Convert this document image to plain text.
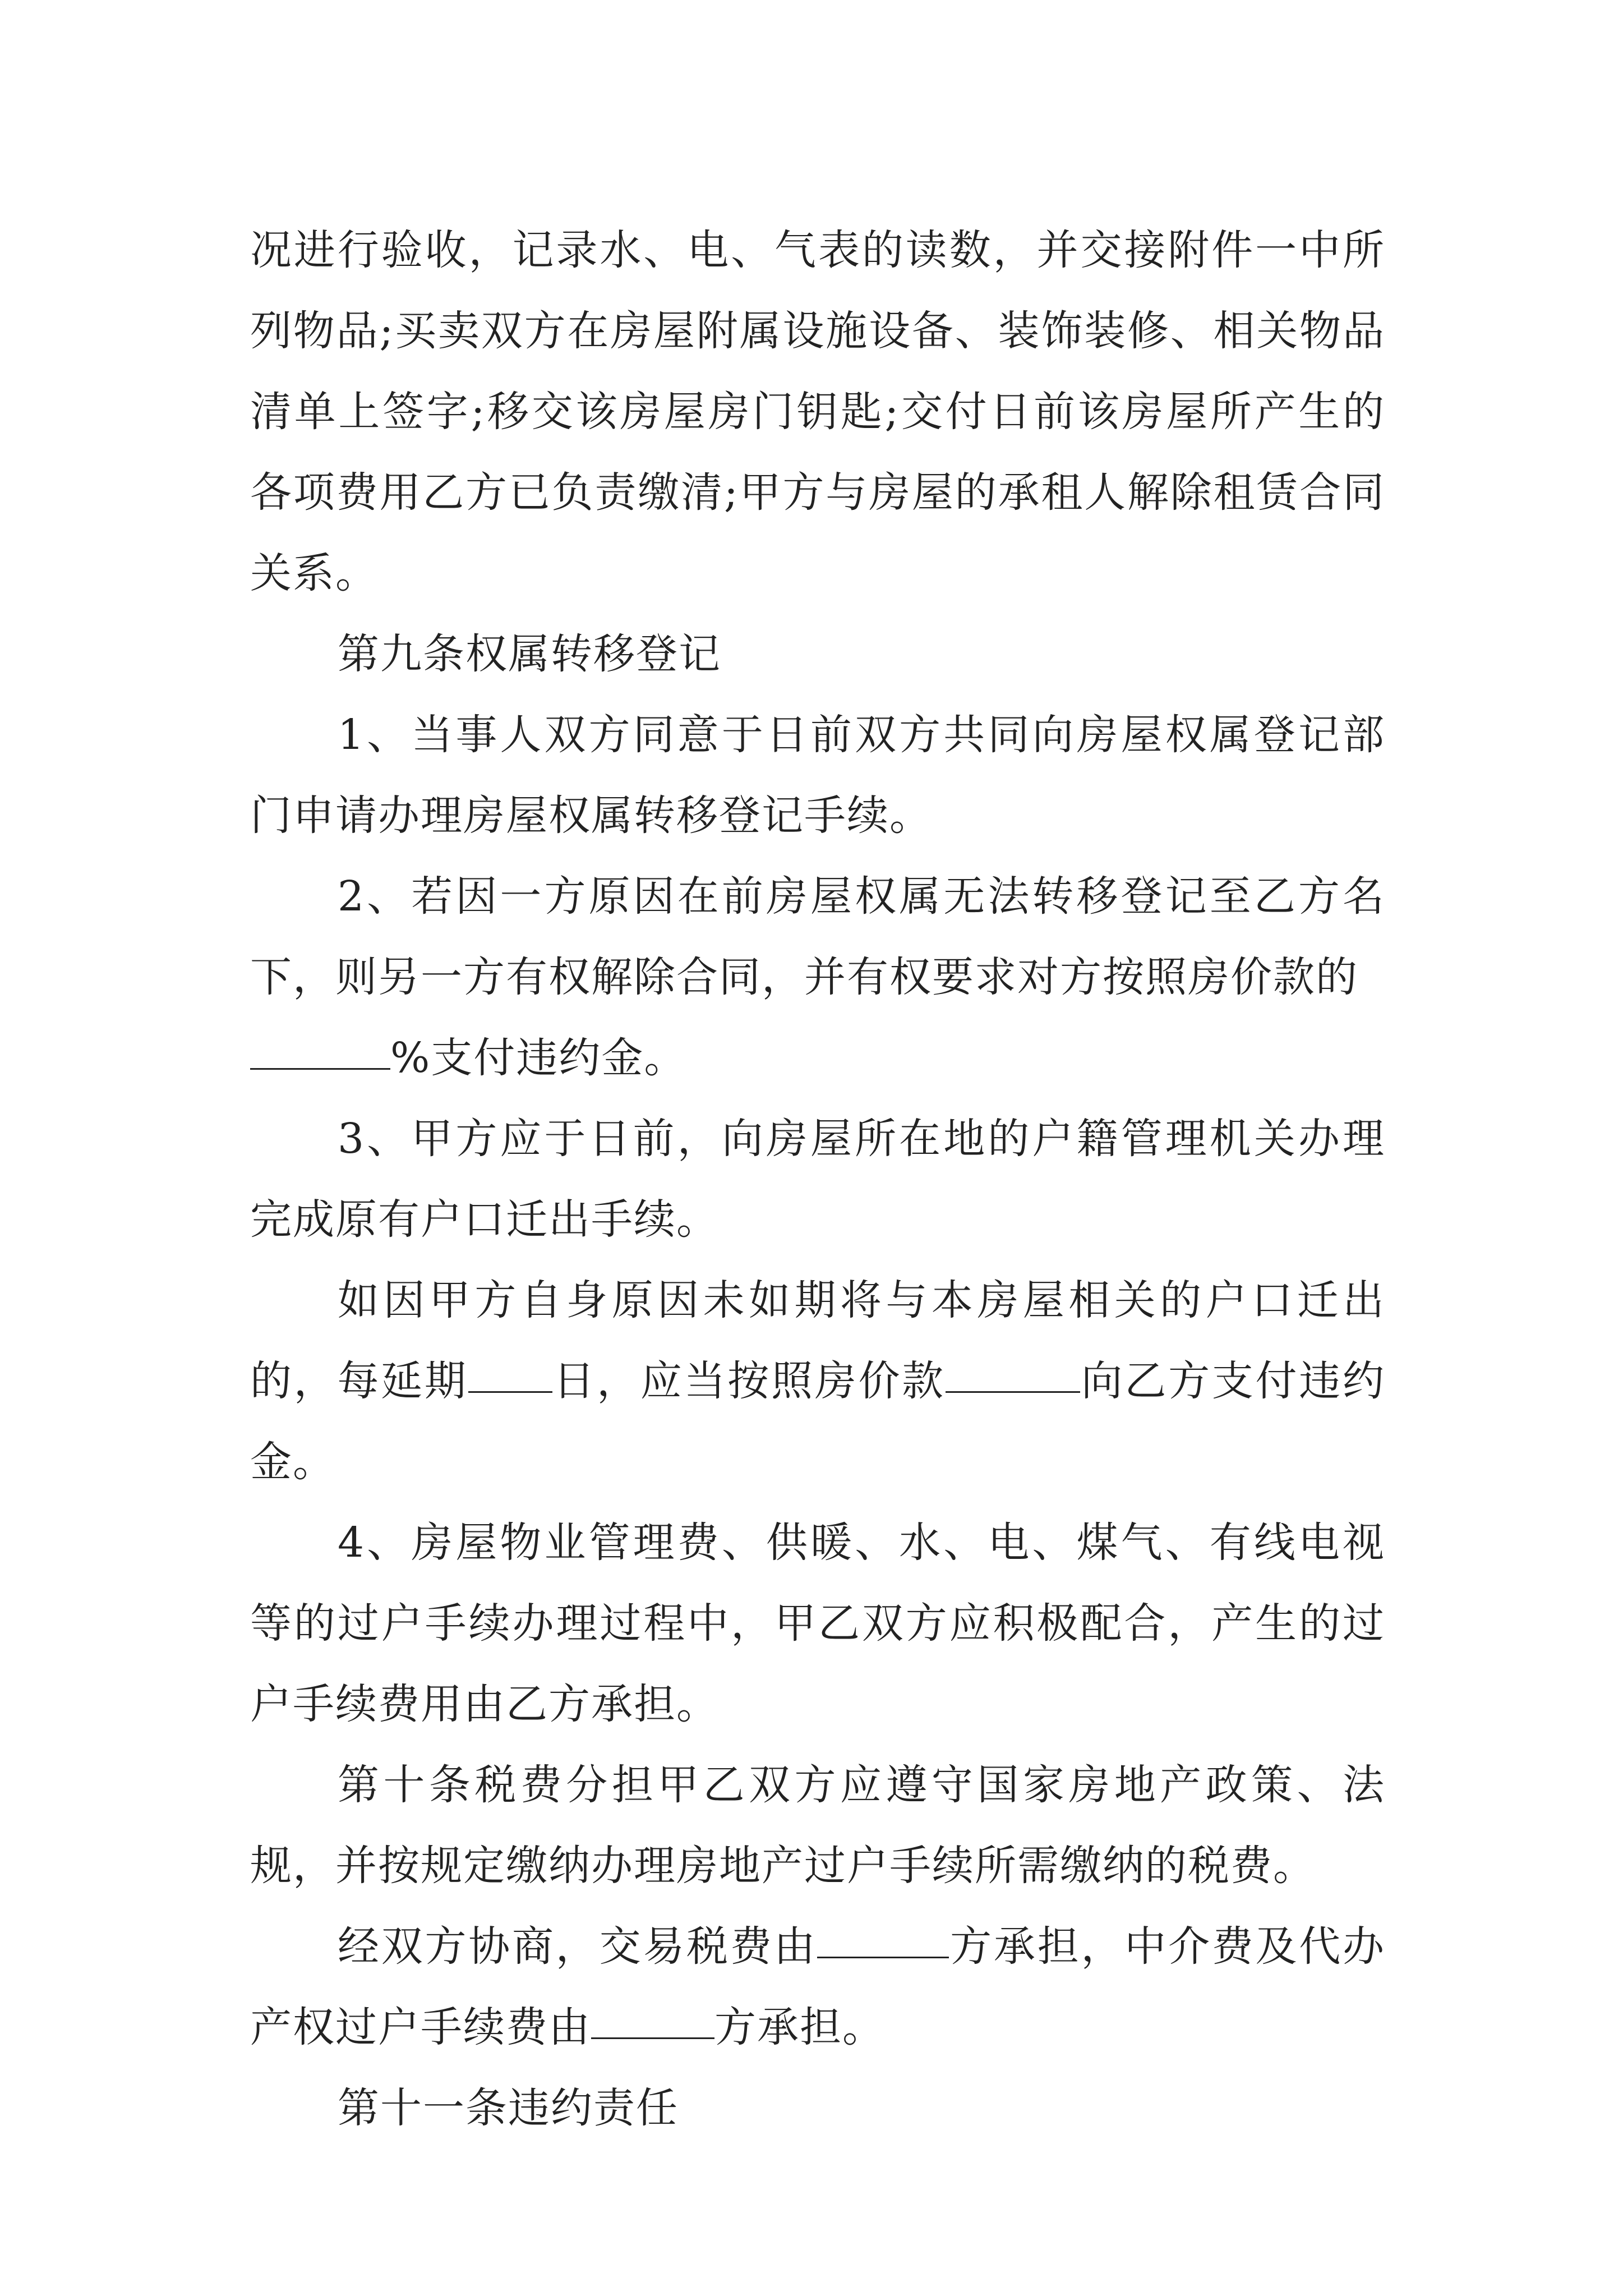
况进行验收，记录水、电、气表的读数，并交接附件一中所列物品;买卖双方在房屋附属设施设备、装饰装修、相关物品清单上签字;移交该房屋房门钥匙;交付日前该房屋所产生的各项费用乙方已负责缴清;甲方与房屋的承租人解除租赁合同关系。

第九条权属转移登记

1、当事人双方同意于日前双方共同向房屋权属登记部门申请办理房屋权属转移登记手续。

2、若因一方原因在前房屋权属无法转移登记至乙方名下，则另一方有权解除合同，并有权要求对方按照房价款的

%支付违约金。

3、甲方应于日前，向房屋所在地的户籍管理机关办理完成原有户口迁出手续。

如因甲方自身原因未如期将与本房屋相关的户口迁出的，每延期 日，应当按照房价款	向乙方支付违约金。

4、房屋物业管理费、供暖、水、电、煤气、有线电视等的过户手续办理过程中，甲乙双方应积极配合，产生的过户手续费用由乙方承担。

第十条税费分担甲乙双方应遵守国家房地产政策、法规，并按规定缴纳办理房地产过户手续所需缴纳的税费。

经双方协商，交易税费由	方承担，中介费及代办产权过户手续费由	方承担。

第十一条违约责任
